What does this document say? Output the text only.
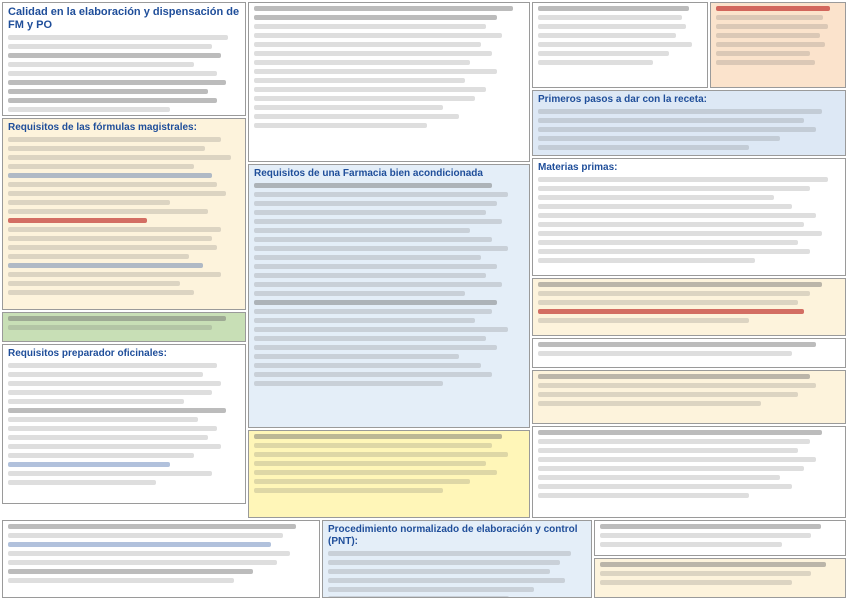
Calidad en la elaboración y dispensación de FM y PO
Requisitos de las fórmulas magistrales:
Requisitos preparador oficinales:
Requisitos de una Farmacia bien acondicionada
Primeros pasos a dar con la receta:
Materias primas:
Procedimiento normalizado de elaboración y control (PNT):
